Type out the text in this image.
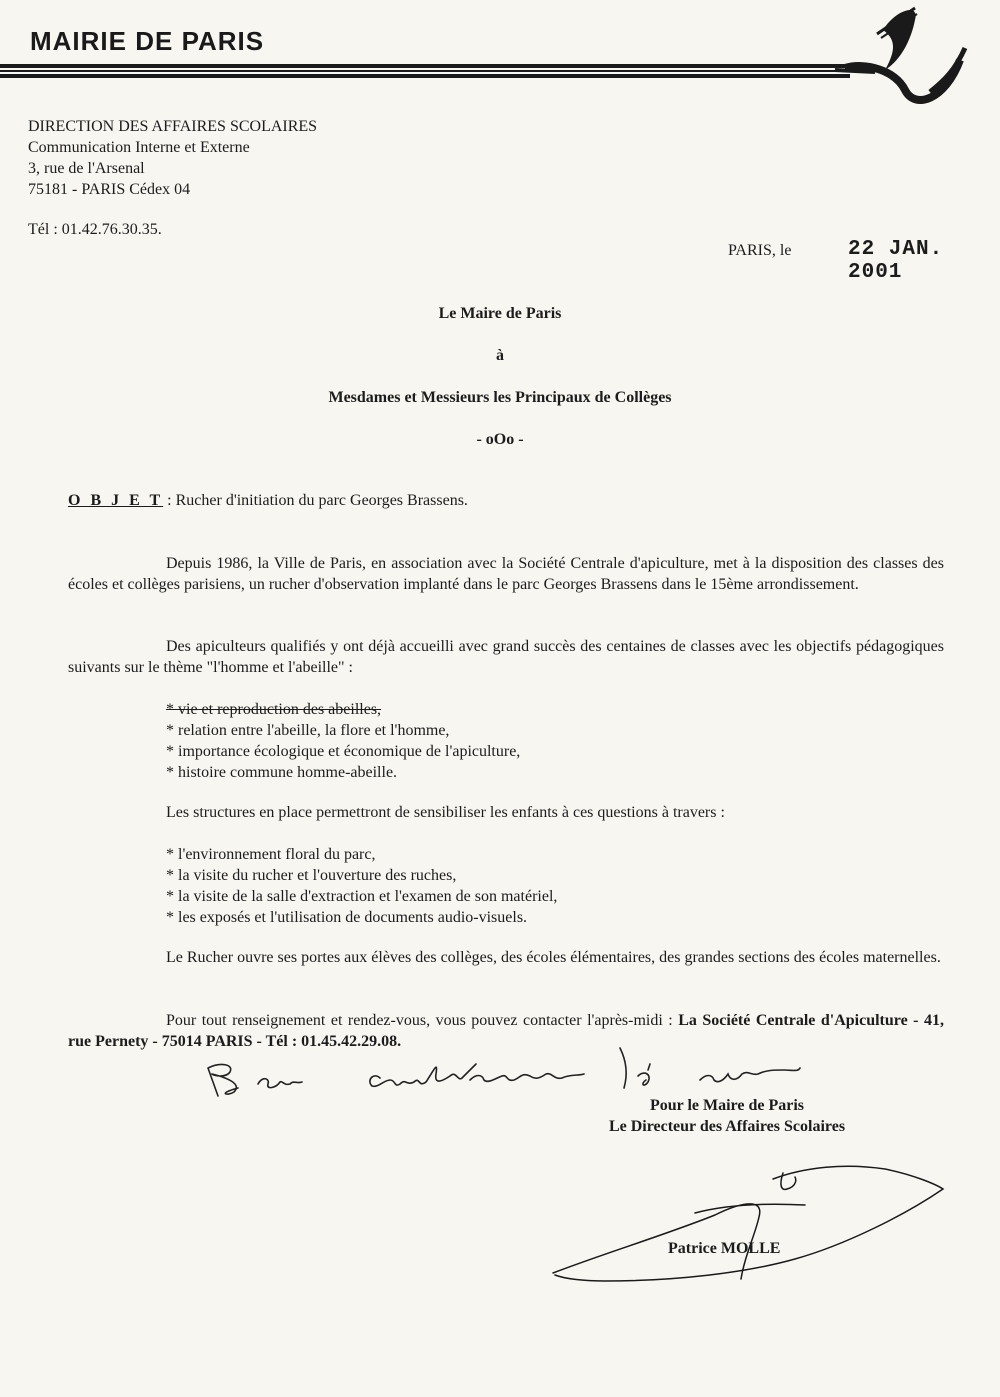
MAIRIE DE PARIS
DIRECTION DES AFFAIRES SCOLAIRES
Communication Interne et Externe
3, rue de l'Arsenal
75181 - PARIS Cédex 04
Tél : 01.42.76.30.35.
PARIS, le	22 JAN. 2001
Le Maire de Paris
à
Mesdames et Messieurs les Principaux de Collèges
- oOo -
O B J E T : Rucher d'initiation du parc Georges Brassens.
Depuis 1986, la Ville de Paris, en association avec la Société Centrale d'apiculture, met à la disposition des classes des écoles et collèges parisiens, un rucher d'observation implanté dans le parc Georges Brassens dans le 15ème arrondissement.
Des apiculteurs qualifiés y ont déjà accueilli avec grand succès des centaines de classes avec les objectifs pédagogiques suivants sur le thème "l'homme et l'abeille" :
* vie et reproduction des abeilles,
* relation entre l'abeille, la flore et l'homme,
* importance écologique et économique de l'apiculture,
* histoire commune homme-abeille.
Les structures en place permettront de sensibiliser les enfants à ces questions à travers :
* l'environnement floral du parc,
* la visite du rucher et l'ouverture des ruches,
* la visite de la salle d'extraction et l'examen de son matériel,
* les exposés et l'utilisation de documents audio-visuels.
Le Rucher ouvre ses portes aux élèves des collèges, des écoles élémentaires, des grandes sections des écoles maternelles.
Pour tout renseignement et rendez-vous, vous pouvez contacter l'après-midi : La Société Centrale d'Apiculture - 41, rue Pernety - 75014 PARIS - Tél : 01.45.42.29.08.
Pour le Maire de Paris
Le Directeur des Affaires Scolaires
Patrice MOLLE
